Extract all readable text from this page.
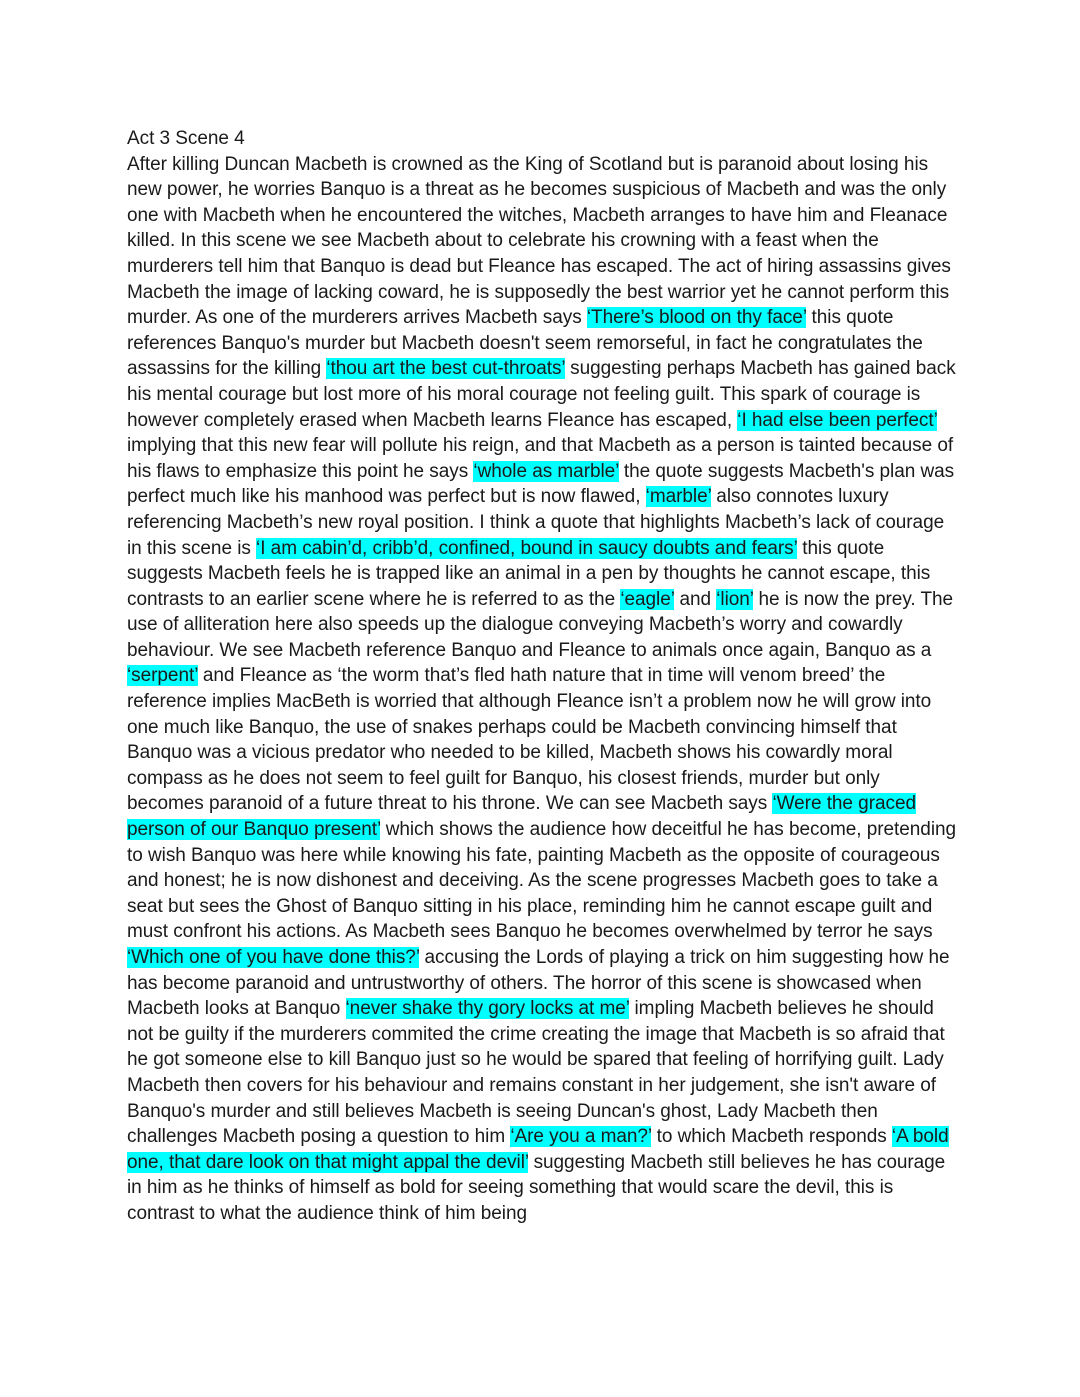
Act 3 Scene 4

After killing Duncan Macbeth is crowned as the King of Scotland but is paranoid about losing his new power, he worries Banquo is a threat as he becomes suspicious of Macbeth and was the only one with Macbeth when he encountered the witches, Macbeth arranges to have him and Fleanace killed. In this scene we see Macbeth about to celebrate his crowning with a feast when the murderers tell him that Banquo is dead but Fleance has escaped. The act of hiring assassins gives Macbeth the image of lacking coward, he is supposedly the best warrior yet he cannot perform this murder. As one of the murderers arrives Macbeth says ‘There’s blood on thy face’ this quote references Banquo's murder but Macbeth doesn't seem remorseful, in fact he congratulates the assassins for the killing ‘thou art the best cut-throats’ suggesting perhaps Macbeth has gained back his mental courage but lost more of his moral courage not feeling guilt. This spark of courage is however completely erased when Macbeth learns Fleance has escaped, ‘I had else been perfect’ implying that this new fear will pollute his reign, and that Macbeth as a person is tainted because of his flaws to emphasize this point he says ‘whole as marble’ the quote suggests Macbeth's plan was perfect much like his manhood was perfect but is now flawed, ‘marble’ also connotes luxury referencing Macbeth’s new royal position. I think a quote that highlights Macbeth’s lack of courage in this scene is ‘I am cabin’d, cribb’d, confined, bound in saucy doubts and fears’ this quote suggests Macbeth feels he is trapped like an animal in a pen by thoughts he cannot escape, this contrasts to an earlier scene where he is referred to as the ‘eagle’ and ‘lion’ he is now the prey. The use of alliteration here also speeds up the dialogue conveying Macbeth’s worry and cowardly behaviour. We see Macbeth reference Banquo and Fleance to animals once again, Banquo as a ‘serpent’ and Fleance as ‘the worm that’s fled hath nature that in time will venom breed’ the reference implies MacBeth is worried that although Fleance isn’t a problem now he will grow into one much like Banquo, the use of snakes perhaps could be Macbeth convincing himself that Banquo was a vicious predator who needed to be killed, Macbeth shows his cowardly moral compass as he does not seem to feel guilt for Banquo, his closest friends, murder but only becomes paranoid of a future threat to his throne. We can see Macbeth says ‘Were the graced person of our Banquo present’ which shows the audience how deceitful he has become, pretending to wish Banquo was here while knowing his fate, painting Macbeth as the opposite of courageous and honest; he is now dishonest and deceiving. As the scene progresses Macbeth goes to take a seat but sees the Ghost of Banquo sitting in his place, reminding him he cannot escape guilt and must confront his actions. As Macbeth sees Banquo he becomes overwhelmed by terror he says ‘Which one of you have done this?’ accusing the Lords of playing a trick on him suggesting how he has become paranoid and untrustworthy of others. The horror of this scene is showcased when Macbeth looks at Banquo ‘never shake thy gory locks at me’ impling Macbeth believes he should not be guilty if the murderers commited the crime creating the image that Macbeth is so afraid that he got someone else to kill Banquo just so he would be spared that feeling of horrifying guilt. Lady Macbeth then covers for his behaviour and remains constant in her judgement, she isn't aware of Banquo's murder and still believes Macbeth is seeing Duncan's ghost, Lady Macbeth then challenges Macbeth posing a question to him ‘Are you a man?’ to which Macbeth responds ‘A bold one, that dare look on that might appal the devil’ suggesting Macbeth still believes he has courage in him as he thinks of himself as bold for seeing something that would scare the devil, this is contrast to what the audience think of him being
